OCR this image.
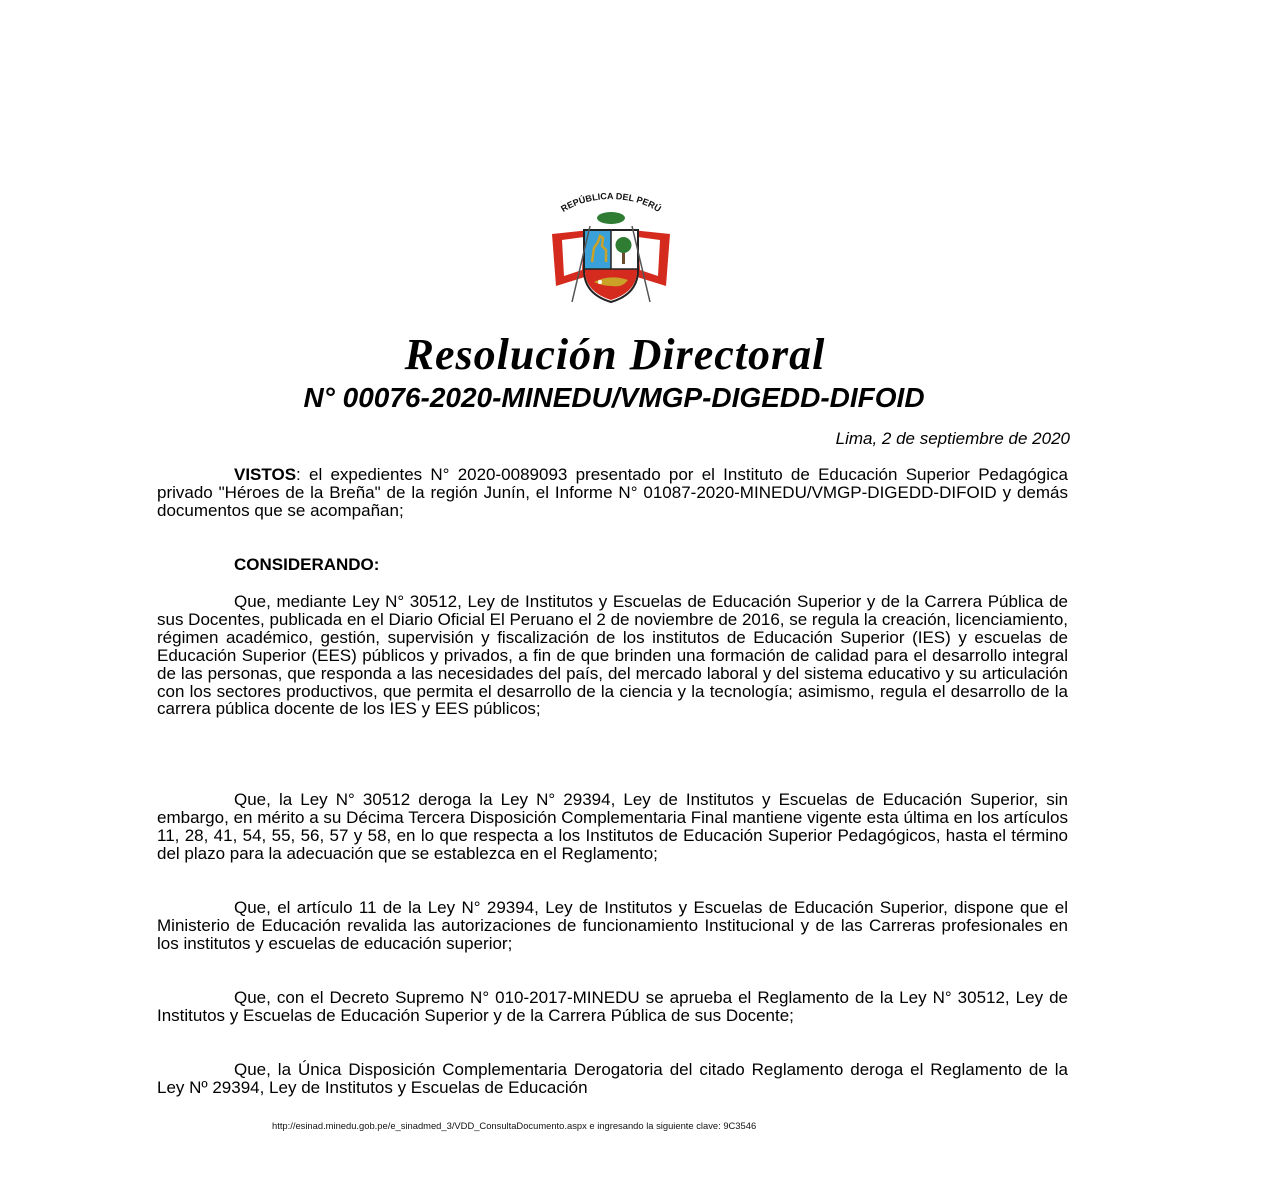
REPÚBLICA DEL PERÚ
Resolución Directoral
N° 00076-2020-MINEDU/VMGP-DIGEDD-DIFOID
Lima, 2 de septiembre de 2020

VISTOS: el expedientes N° 2020-0089093 presentado por el Instituto de Educación Superior Pedagógica privado "Héroes de la Breña" de la región Junín, el Informe N° 01087-2020-MINEDU/VMGP-DIGEDD-DIFOID y demás documentos que se acompañan;

CONSIDERANDO:

Que, mediante Ley N° 30512, Ley de Institutos y Escuelas de Educación Superior y de la Carrera Pública de sus Docentes, publicada en el Diario Oficial El Peruano el 2 de noviembre de 2016, se regula la creación, licenciamiento, régimen académico, gestión, supervisión y fiscalización de los institutos de Educación Superior (IES) y escuelas de Educación Superior (EES) públicos y privados, a fin de que brinden una formación de calidad para el desarrollo integral de las personas, que responda a las necesidades del país, del mercado laboral y del sistema educativo y su articulación con los sectores productivos, que permita el desarrollo de la ciencia y la tecnología; asimismo, regula el desarrollo de la carrera pública docente de los IES y EES públicos;

Que, la Ley N° 30512 deroga la Ley N° 29394, Ley de Institutos y Escuelas de Educación Superior, sin embargo, en mérito a su Décima Tercera Disposición Complementaria Final mantiene vigente esta última en los artículos 11, 28, 41, 54, 55, 56, 57 y 58, en lo que respecta a los Institutos de Educación Superior Pedagógicos, hasta el término del plazo para la adecuación que se establezca en el Reglamento;

Que, el artículo 11 de la Ley N° 29394, Ley de Institutos y Escuelas de Educación Superior, dispone que el Ministerio de Educación revalida las autorizaciones de funcionamiento Institucional y de las Carreras profesionales en los institutos y escuelas de educación superior;

Que, con el Decreto Supremo N° 010-2017-MINEDU se aprueba el Reglamento de la Ley N° 30512, Ley de Institutos y Escuelas de Educación Superior y de la Carrera Pública de sus Docente;

Que, la Única Disposición Complementaria Derogatoria del citado Reglamento deroga el Reglamento de la Ley Nº 29394, Ley de Institutos y Escuelas de Educación

http://esinad.minedu.gob.pe/e_sinadmed_3/VDD_ConsultaDocumento.aspx e ingresando la siguiente clave: 9C3546
